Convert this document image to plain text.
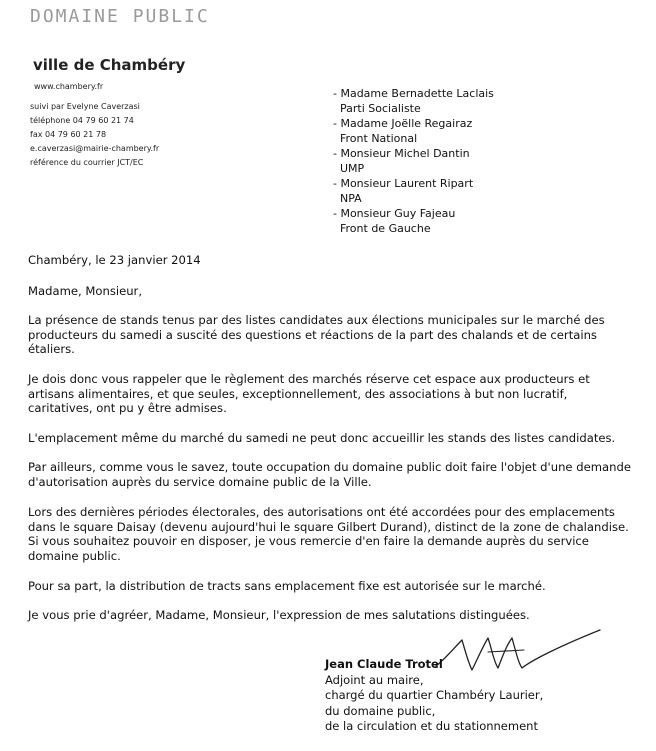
DOMAINE PUBLIC
ville de Chambéry
www.chambery.fr
suivi par Evelyne Caverzasi
téléphone 04 79 60 21 74
fax 04 79 60 21 78
e.caverzasi@mairie-chambery.fr
référence du courrier JCT/EC
- Madame Bernadette Laclais
Parti Socialiste
- Madame Joëlle Regairaz
Front National
- Monsieur Michel Dantin
UMP
- Monsieur Laurent Ripart
NPA
- Monsieur Guy Fajeau
Front de Gauche
Chambéry, le 23 janvier 2014
Madame, Monsieur,
La présence de stands tenus par des listes candidates aux élections municipales sur le marché des
producteurs du samedi a suscité des questions et réactions de la part des chalands et de certains
étaliers.
Je dois donc vous rappeler que le règlement des marchés réserve cet espace aux producteurs et
artisans alimentaires, et que seules, exceptionnellement, des associations à but non lucratif,
caritatives, ont pu y être admises.
L'emplacement même du marché du samedi ne peut donc accueillir les stands des listes candidates.
Par ailleurs, comme vous le savez, toute occupation du domaine public doit faire l'objet d'une demande
d'autorisation auprès du service domaine public de la Ville.
Lors des dernières périodes électorales, des autorisations ont été accordées pour des emplacements
dans le square Daisay (devenu aujourd'hui le square Gilbert Durand), distinct de la zone de chalandise.
Si vous souhaitez pouvoir en disposer, je vous remercie d'en faire la demande auprès du service
domaine public.
Pour sa part, la distribution de tracts sans emplacement fixe est autorisée sur le marché.
Je vous prie d'agréer, Madame, Monsieur, l'expression de mes salutations distinguées.
Jean Claude Trotel
Adjoint au maire,
chargé du quartier Chambéry Laurier,
du domaine public,
de la circulation et du stationnement
